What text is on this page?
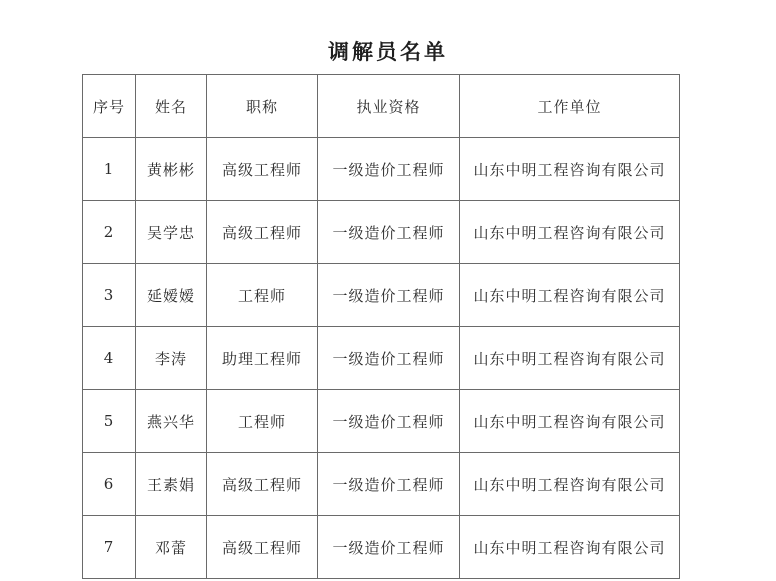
调解员名单
序号	姓名	职称	执业资格	工作单位
1	黄彬彬	高级工程师	一级造价工程师	山东中明工程咨询有限公司
2	吴学忠	高级工程师	一级造价工程师	山东中明工程咨询有限公司
3	延嫒嫒	工程师	一级造价工程师	山东中明工程咨询有限公司
4	李涛	助理工程师	一级造价工程师	山东中明工程咨询有限公司
5	燕兴华	工程师	一级造价工程师	山东中明工程咨询有限公司
6	王素娟	高级工程师	一级造价工程师	山东中明工程咨询有限公司
7	邓蕾	高级工程师	一级造价工程师	山东中明工程咨询有限公司
